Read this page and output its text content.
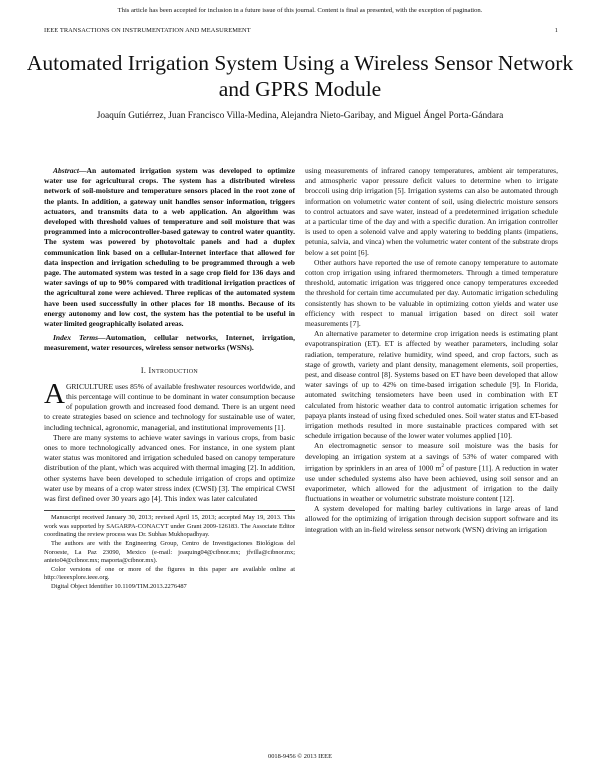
This article has been accepted for inclusion in a future issue of this journal. Content is final as presented, with the exception of pagination.
IEEE TRANSACTIONS ON INSTRUMENTATION AND MEASUREMENT	1
Automated Irrigation System Using a Wireless Sensor Network and GPRS Module
Joaquín Gutiérrez, Juan Francisco Villa-Medina, Alejandra Nieto-Garibay, and Miguel Ángel Porta-Gándara

Abstract—An automated irrigation system was developed to optimize water use for agricultural crops. The system has a distributed wireless network of soil-moisture and temperature sensors placed in the root zone of the plants. In addition, a gateway unit handles sensor information, triggers actuators, and transmits data to a web application. An algorithm was developed with threshold values of temperature and soil moisture that was programmed into a microcontroller-based gateway to control water quantity. The system was powered by photovoltaic panels and had a duplex communication link based on a cellular-Internet interface that allowed for data inspection and irrigation scheduling to be programmed through a web page. The automated system was tested in a sage crop field for 136 days and water savings of up to 90% compared with traditional irrigation practices of the agricultural zone were achieved. Three replicas of the automated system have been used successfully in other places for 18 months. Because of its energy autonomy and low cost, the system has the potential to be useful in water limited geographically isolated areas.

Index Terms—Automation, cellular networks, Internet, irrigation, measurement, water resources, wireless sensor networks (WSNs).

I. Introduction

AGRICULTURE uses 85% of available freshwater resources worldwide, and this percentage will continue to be dominant in water consumption because of population growth and increased food demand. There is an urgent need to create strategies based on science and technology for sustainable use of water, including technical, agronomic, managerial, and institutional improvements [1].

There are many systems to achieve water savings in various crops, from basic ones to more technologically advanced ones. For instance, in one system plant water status was monitored and irrigation scheduled based on canopy temperature distribution of the plant, which was acquired with thermal imaging [2]. In addition, other systems have been developed to schedule irrigation of crops and optimize water use by means of a crop water stress index (CWSI) [3]. The empirical CWSI was first defined over 30 years ago [4]. This index was later calculated

Manuscript received January 30, 2013; revised April 15, 2013; accepted May 19, 2013. This work was supported by SAGARPA-CONACYT under Grant 2009-126183. The Associate Editor coordinating the review process was Dr. Subhas Mukhopadhyay.

The authors are with the Engineering Group, Centro de Investigaciones Biológicas del Noroeste, La Paz 23090, Mexico (e-mail: joaquing04@cibnor.mx; jfvilla@cibnor.mx; anieto04@cibnor.mx; maporta@cibnor.mx).

Color versions of one or more of the figures in this paper are available online at http://ieeexplore.ieee.org.

Digital Object Identifier 10.1109/TIM.2013.2276487

using measurements of infrared canopy temperatures, ambient air temperatures, and atmospheric vapor pressure deficit values to determine when to irrigate broccoli using drip irrigation [5]. Irrigation systems can also be automated through information on volumetric water content of soil, using dielectric moisture sensors to control actuators and save water, instead of a predetermined irrigation schedule at a particular time of the day and with a specific duration. An irrigation controller is used to open a solenoid valve and apply watering to bedding plants (impatiens, petunia, salvia, and vinca) when the volumetric water content of the substrate drops below a set point [6].

Other authors have reported the use of remote canopy temperature to automate cotton crop irrigation using infrared thermometers. Through a timed temperature threshold, automatic irrigation was triggered once canopy temperatures exceeded the threshold for certain time accumulated per day. Automatic irrigation scheduling consistently has shown to be valuable in optimizing cotton yields and water use efficiency with respect to manual irrigation based on direct soil water measurements [7].

An alternative parameter to determine crop irrigation needs is estimating plant evapotranspiration (ET). ET is affected by weather parameters, including solar radiation, temperature, relative humidity, wind speed, and crop factors, such as stage of growth, variety and plant density, management elements, soil properties, pest, and disease control [8]. Systems based on ET have been developed that allow water savings of up to 42% on time-based irrigation schedule [9]. In Florida, automated switching tensiometers have been used in combination with ET calculated from historic weather data to control automatic irrigation schemes for papaya plants instead of using fixed scheduled ones. Soil water status and ET-based irrigation methods resulted in more sustainable practices compared with set schedule irrigation because of the lower water volumes applied [10].

An electromagnetic sensor to measure soil moisture was the basis for developing an irrigation system at a savings of 53% of water compared with irrigation by sprinklers in an area of 1000 $m^2$ of pasture [11]. A reduction in water use under scheduled systems also have been achieved, using soil sensor and an evaporimeter, which allowed for the adjustment of irrigation to the daily fluctuations in weather or volumetric substrate moisture content [12].

A system developed for malting barley cultivations in large areas of land allowed for the optimizing of irrigation through decision support software and its integration with an in-field wireless sensor network (WSN) driving an irrigation

0018-9456 © 2013 IEEE
